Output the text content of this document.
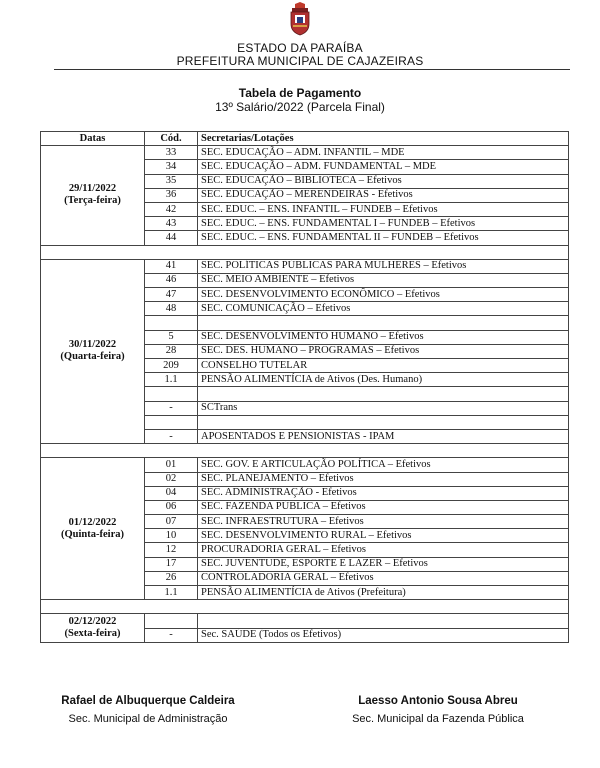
ESTADO DA PARAÍBA
PREFEITURA MUNICIPAL DE CAJAZEIRAS
Tabela de Pagamento
13º Salário/2022 (Parcela Final)
Datas	Cód.	Secretarias/Lotações

29/11/2022
(Terça-feira)	33	SEC. EDUCAÇÃO – ADM. INFANTIL – MDE
	34	SEC. EDUCAÇÃO – ADM. FUNDAMENTAL – MDE
	35	SEC. EDUCAÇÃO – BIBLIOTECA – Efetivos
	36	SEC. EDUCAÇÃO – MERENDEIRAS - Efetivos
	42	SEC. EDUC. – ENS. INFANTIL – FUNDEB – Efetivos
	43	SEC. EDUC. – ENS. FUNDAMENTAL I – FUNDEB – Efetivos
	44	SEC. EDUC. – ENS. FUNDAMENTAL II – FUNDEB – Efetivos

30/11/2022
(Quarta-feira)	41	SEC. POLÍTICAS PÚBLICAS PARA MULHERES – Efetivos
	46	SEC. MEIO AMBIENTE – Efetivos
	47	SEC. DESENVOLVIMENTO ECONÔMICO – Efetivos
	48	SEC. COMUNICAÇÃO – Efetivos

	5	SEC. DESENVOLVIMENTO HUMANO – Efetivos
	28	SEC. DES. HUMANO – PROGRAMAS – Efetivos
	209	CONSELHO TUTELAR
	1.1	PENSÃO ALIMENTÍCIA de Ativos (Des. Humano)

	-	SCTrans

	-	APOSENTADOS E PENSIONISTAS - IPAM

01/12/2022
(Quinta-feira)	01	SEC. GOV. E ARTICULAÇÃO POLÍTICA – Efetivos
	02	SEC. PLANEJAMENTO – Efetivos
	04	SEC. ADMINISTRAÇÃO - Efetivos
	06	SEC. FAZENDA PÚBLICA – Efetivos
	07	SEC. INFRAESTRUTURA – Efetivos
	10	SEC. DESENVOLVIMENTO RURAL – Efetivos
	12	PROCURADORIA GERAL – Efetivos
	17	SEC. JUVENTUDE, ESPORTE E LAZER – Efetivos
	26	CONTROLADORIA GERAL – Efetivos
	1.1	PENSÃO ALIMENTÍCIA de Ativos (Prefeitura)

02/12/2022
(Sexta-feira)		

	-	Sec. SAÚDE (Todos os Efetivos)
Rafael de Albuquerque Caldeira
Sec. Municipal de Administração
Laesso Antonio Sousa Abreu
Sec. Municipal da Fazenda Pública
